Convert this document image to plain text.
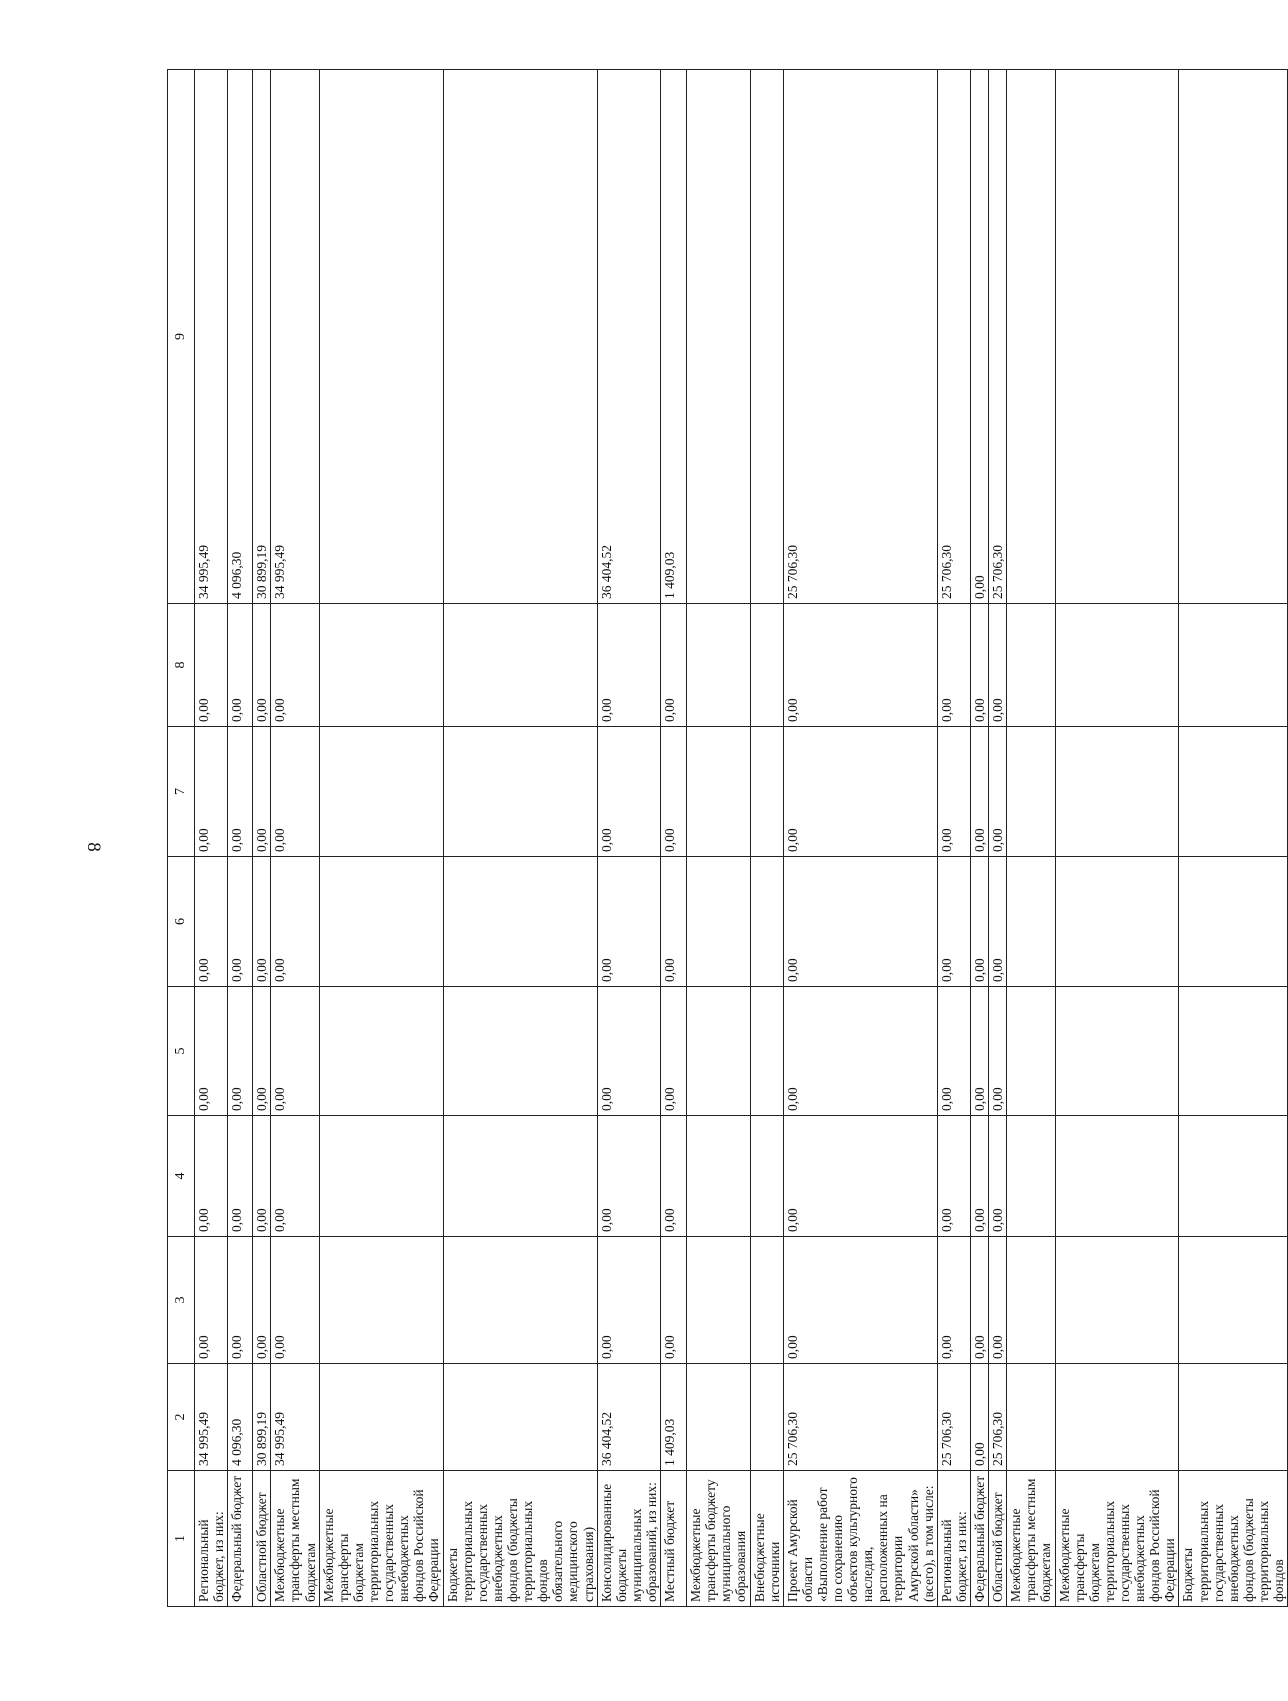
8
1	2	3	4	5	6	7	8	9
Региональный бюджет, из них:	34 995,49	0,00	0,00	0,00	0,00	0,00	0,00	34 995,49
Федеральный бюджет	4 096,30	0,00	0,00	0,00	0,00	0,00	0,00	4 096,30
Областной бюджет	30 899,19	0,00	0,00	0,00	0,00	0,00	0,00	30 899,19
Межбюджетные трансферты местным бюджетам	34 995,49	0,00	0,00	0,00	0,00	0,00	0,00	34 995,49
Межбюджетные трансферты бюджетам территориальных государственных внебюджетных фондов Российской Федерации								
Бюджеты территориальных государственных внебюджетных фондов (бюджеты территориальных фондов обязательного медицинского страхования)								
Консолидированные бюджеты муниципальных образований, из них:	36 404,52	0,00	0,00	0,00	0,00	0,00	0,00	36 404,52
Местный бюджет	1 409,03	0,00	0,00	0,00	0,00	0,00	0,00	1 409,03
Межбюджетные трансферты бюджету муниципального образования								
Внебюджетные источники								
Проект Амурской области «Выполнение работ по сохранению объектов культурного наследия, расположенных на территории Амурской области» (всего), в том числе:	25 706,30	0,00	0,00	0,00	0,00	0,00	0,00	25 706,30
Региональный бюджет, из них:	25 706,30	0,00	0,00	0,00	0,00	0,00	0,00	25 706,30
Федеральный бюджет	0,00	0,00	0,00	0,00	0,00	0,00	0,00	0,00
Областной бюджет	25 706,30	0,00	0,00	0,00	0,00	0,00	0,00	25 706,30
Межбюджетные трансферты местным бюджетам								
Межбюджетные трансферты бюджетам территориальных государственных внебюджетных фондов Российской Федерации								
Бюджеты территориальных государственных внебюджетных фондов (бюджеты территориальных фондов								
